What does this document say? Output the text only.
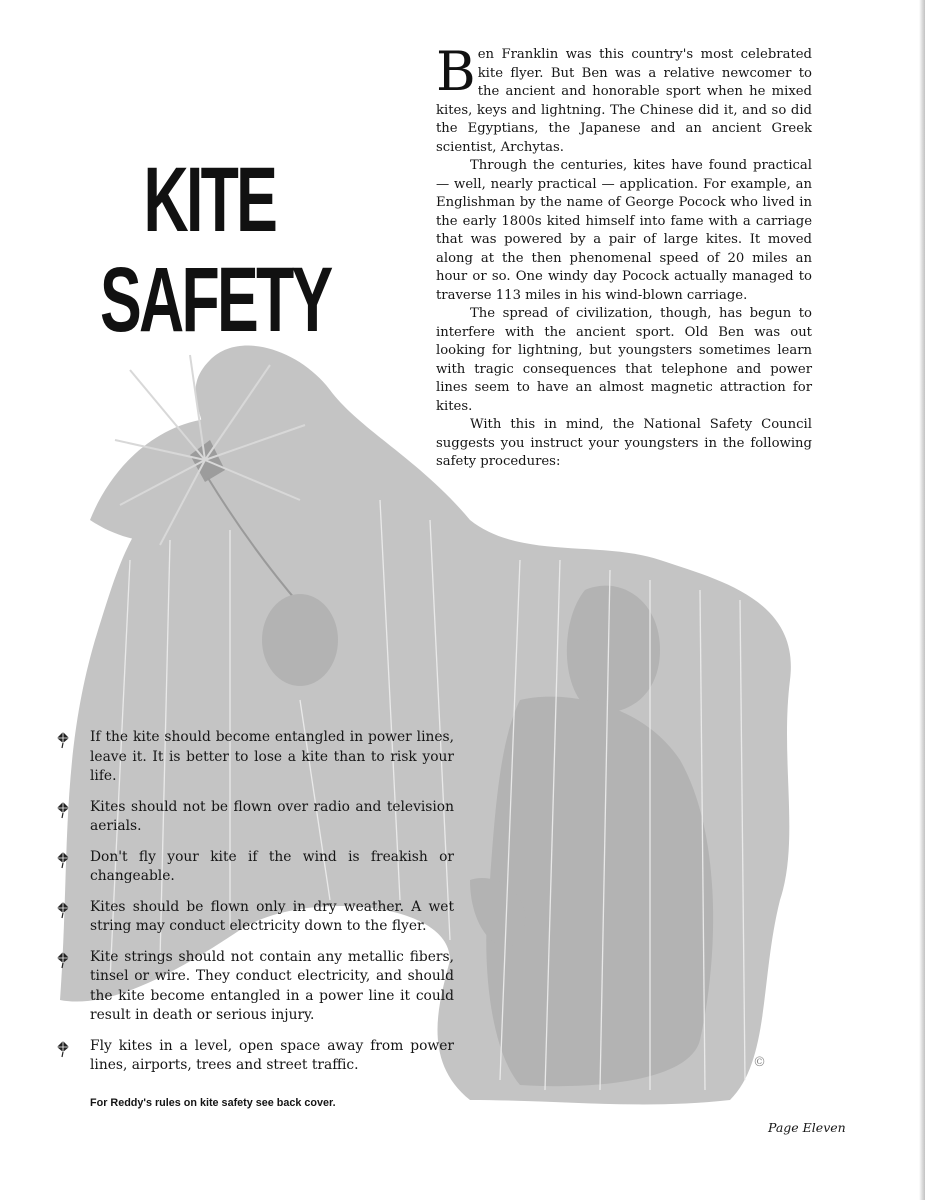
KITE
SAFETY

Ben Franklin was this country's most celebrated kite flyer. But Ben was a relative newcomer to the ancient and honorable sport when he mixed kites, keys and lightning. The Chinese did it, and so did the Egyptians, the Japanese and an ancient Greek scientist, Archytas.

Through the centuries, kites have found practical — well, nearly practical — application. For example, an Englishman by the name of George Pocock who lived in the early 1800s kited himself into fame with a carriage that was powered by a pair of large kites. It moved along at the then phenomenal speed of 20 miles an hour or so. One windy day Pocock actually managed to traverse 113 miles in his wind-blown carriage.

The spread of civilization, though, has begun to interfere with the ancient sport. Old Ben was out looking for lightning, but youngsters sometimes learn with tragic consequences that telephone and power lines seem to have an almost magnetic attraction for kites.

With this in mind, the National Safety Council suggests you instruct your youngsters in the following safety procedures:

If the kite should become entangled in power lines, leave it. It is better to lose a kite than to risk your life.
Kites should not be flown over radio and television aerials.
Don't fly your kite if the wind is freakish or changeable.
Kites should be flown only in dry weather. A wet string may conduct electricity down to the flyer.
Kite strings should not contain any metallic fibers, tinsel or wire. They conduct electricity, and should the kite become entangled in a power line it could result in death or serious injury.
Fly kites in a level, open space away from power lines, airports, trees and street traffic.	©
For Reddy's rules on kite safety see back cover.
Page Eleven
